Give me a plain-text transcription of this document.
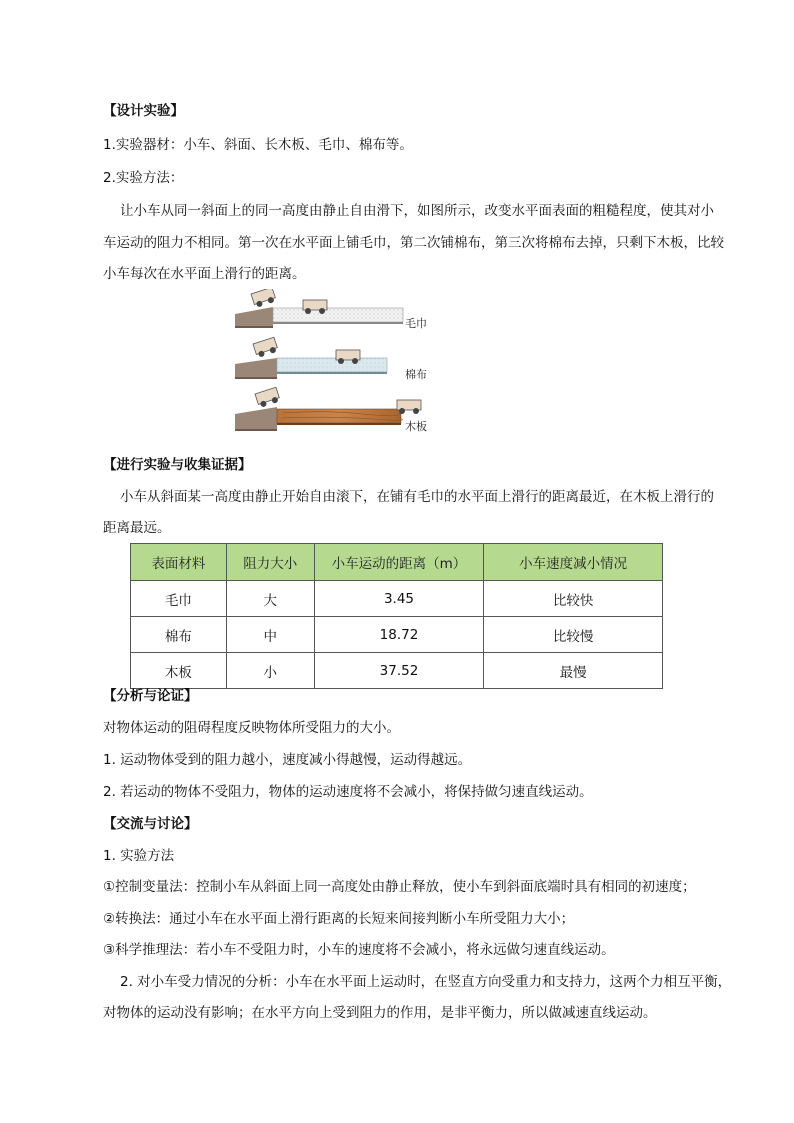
【设计实验】
1.实验器材：小车、斜面、长木板、毛巾、棉布等。
2.实验方法：
让小车从同一斜面上的同一高度由静止自由滑下，如图所示，改变水平面表面的粗糙程度，使其对小
车运动的阻力不相同。第一次在水平面上铺毛巾，第二次铺棉布，第三次将棉布去掉，只剩下木板，比较
小车每次在水平面上滑行的距离。
毛巾
棉布
木板
【进行实验与收集证据】
小车从斜面某一高度由静止开始自由滚下，在铺有毛巾的水平面上滑行的距离最近，在木板上滑行的
距离最远。
表面材料	阻力大小	小车运动的距离（m）	小车速度减小情况
毛巾	大	3.45	比较快
棉布	中	18.72	比较慢
木板	小	37.52	最慢
【分析与论证】
对物体运动的阻碍程度反映物体所受阻力的大小。
1. 运动物体受到的阻力越小，速度减小得越慢，运动得越远。
2. 若运动的物体不受阻力，物体的运动速度将不会减小，将保持做匀速直线运动。
【交流与讨论】
1. 实验方法
①控制变量法：控制小车从斜面上同一高度处由静止释放，使小车到斜面底端时具有相同的初速度；
②转换法：通过小车在水平面上滑行距离的长短来间接判断小车所受阻力大小；
③科学推理法：若小车不受阻力时，小车的速度将不会减小，将永远做匀速直线运动。
2. 对小车受力情况的分析：小车在水平面上运动时，在竖直方向受重力和支持力，这两个力相互平衡，
对物体的运动没有影响；在水平方向上受到阻力的作用，是非平衡力，所以做减速直线运动。
